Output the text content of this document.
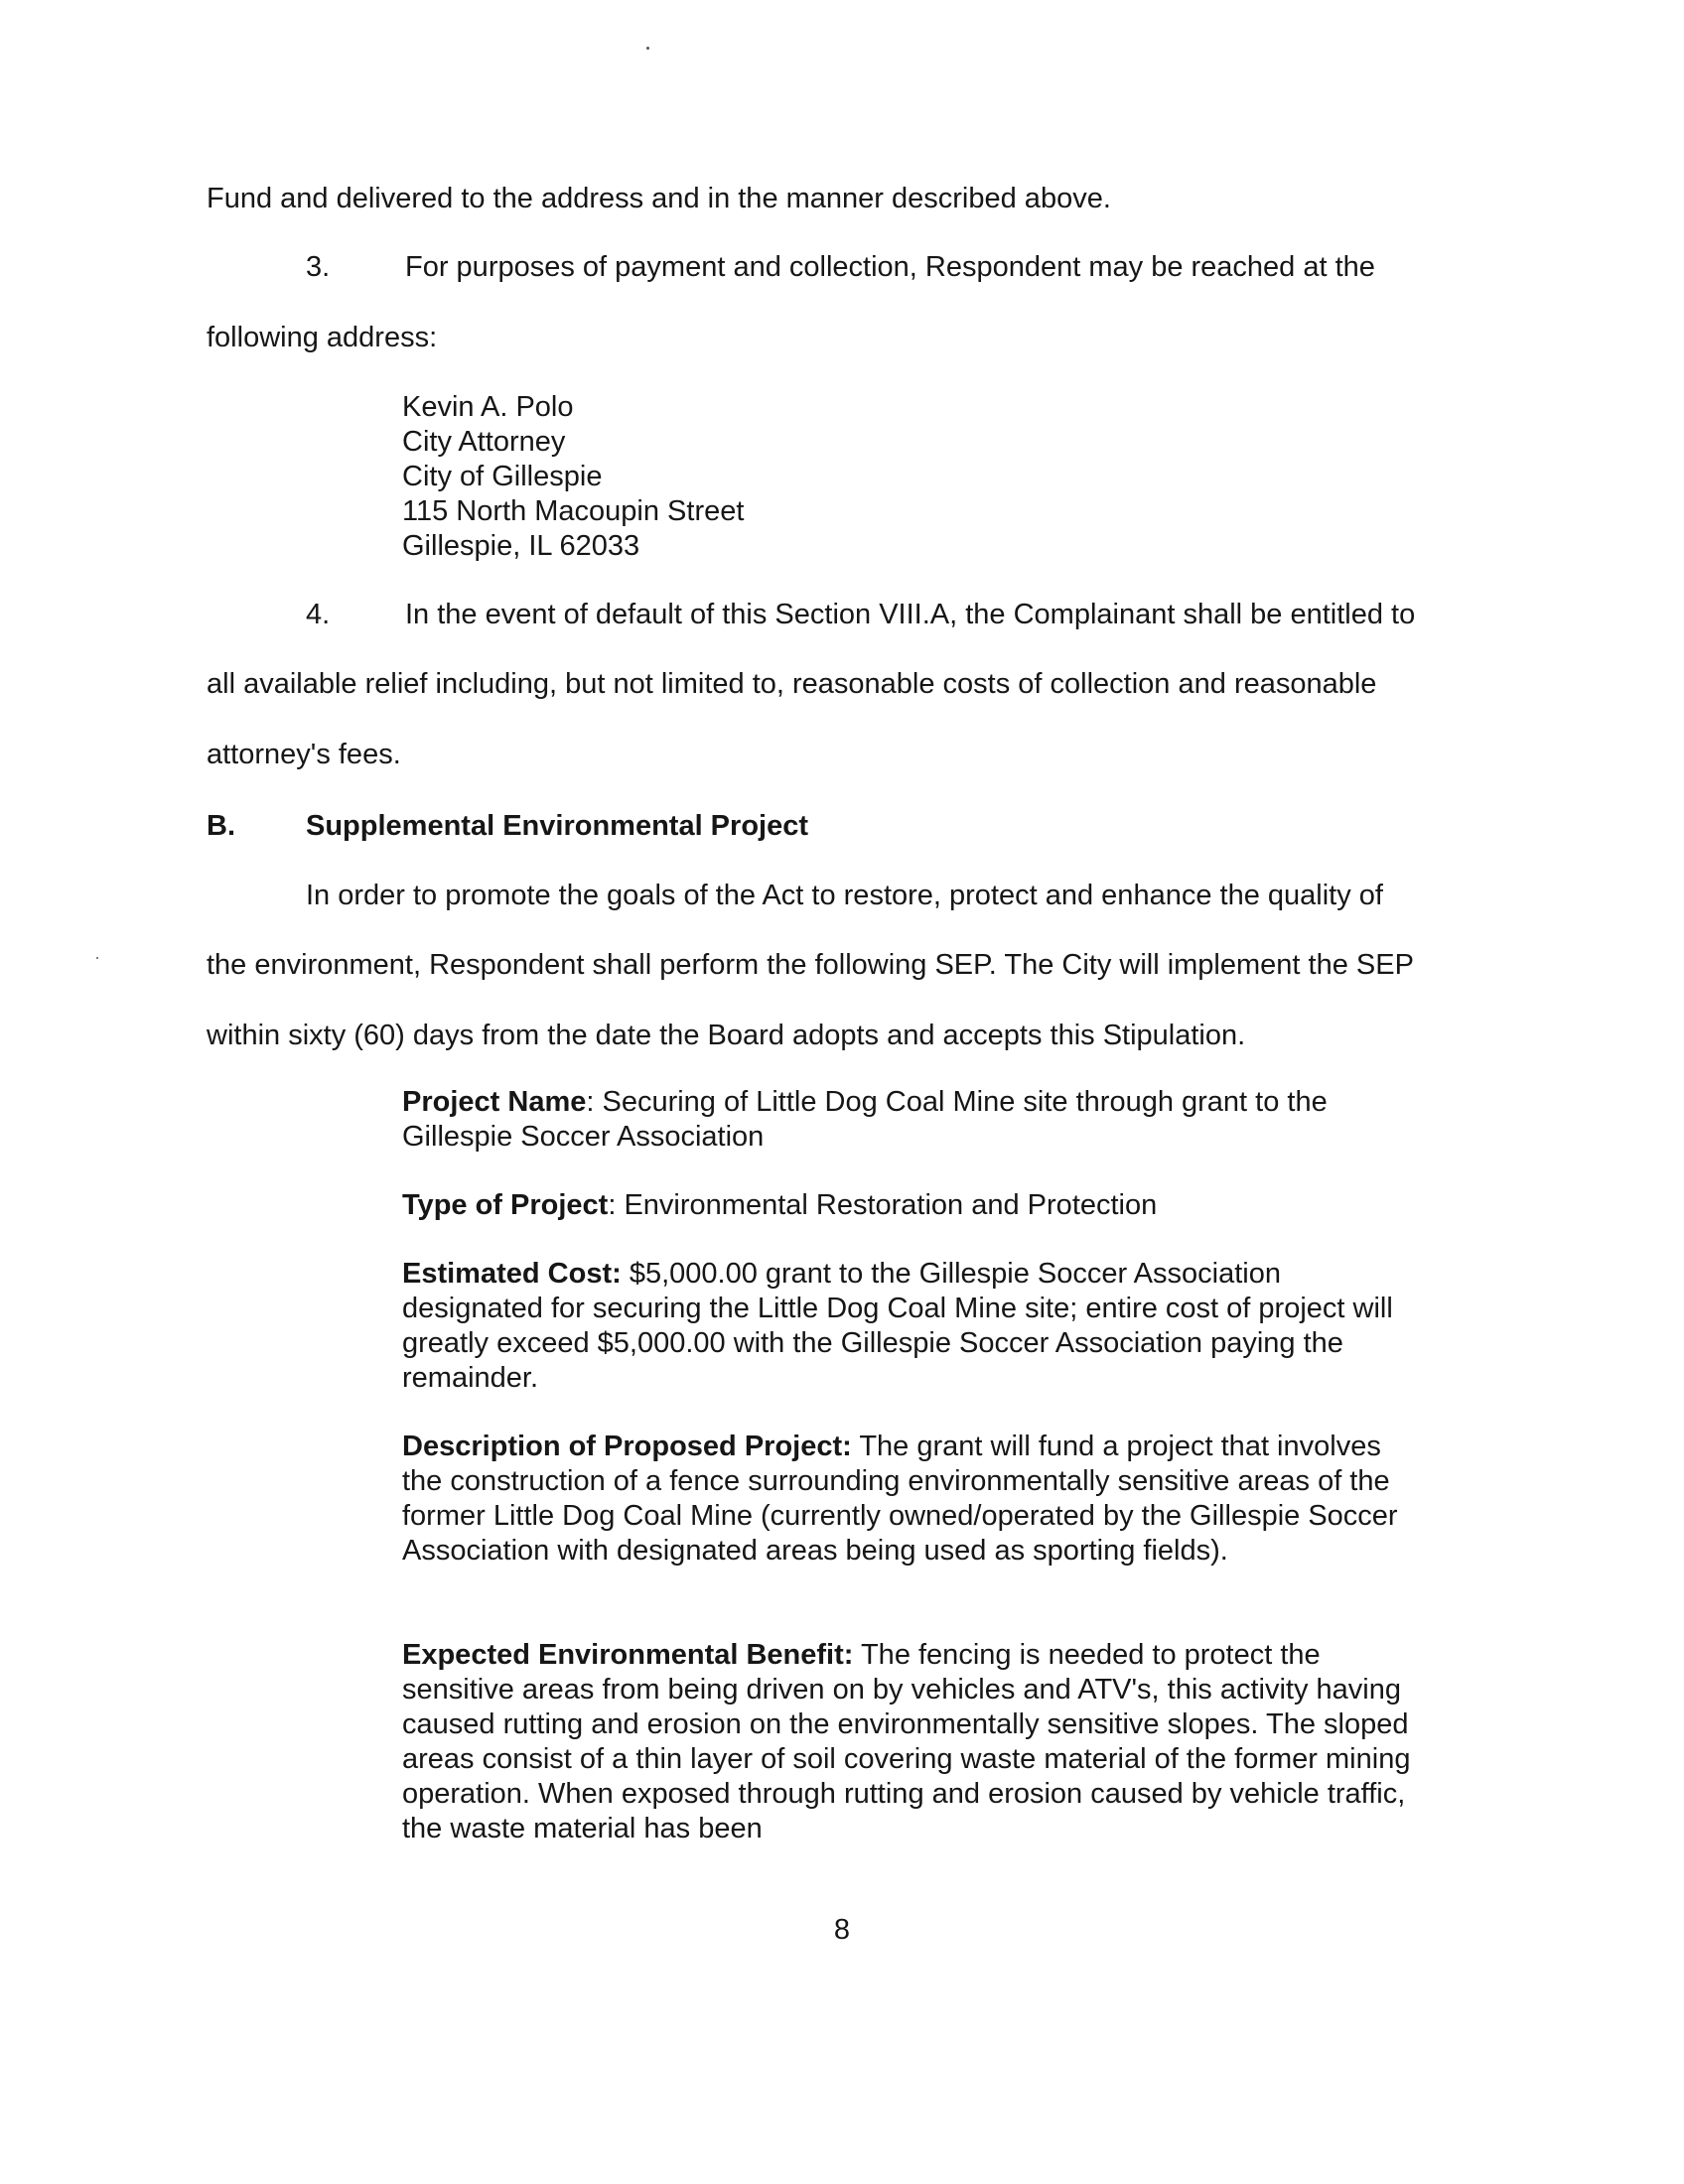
Fund and delivered to the address and in the manner described above.

3.	For purposes of payment and collection, Respondent may be reached at the

following address:

Kevin A. Polo
City Attorney
City of Gillespie
115 North Macoupin Street
Gillespie, IL 62033
4.	In the event of default of this Section VIII.A, the Complainant shall be entitled to

all available relief including, but not limited to, reasonable costs of collection and reasonable

attorney's fees.

B. Supplemental Environmental Project

In order to promote the goals of the Act to restore, protect and enhance the quality of

the environment, Respondent shall perform the following SEP. The City will implement the SEP

within sixty (60) days from the date the Board adopts and accepts this Stipulation.

Project Name: Securing of Little Dog Coal Mine site through grant to the Gillespie Soccer Association

Type of Project: Environmental Restoration and Protection

Estimated Cost: $5,000.00 grant to the Gillespie Soccer Association designated for securing the Little Dog Coal Mine site; entire cost of project will greatly exceed $5,000.00 with the Gillespie Soccer Association paying the remainder.

Description of Proposed Project: The grant will fund a project that involves the construction of a fence surrounding environmentally sensitive areas of the former Little Dog Coal Mine (currently owned/operated by the Gillespie Soccer Association with designated areas being used as sporting fields).

Expected Environmental Benefit: The fencing is needed to protect the sensitive areas from being driven on by vehicles and ATV's, this activity having caused rutting and erosion on the environmentally sensitive slopes. The sloped areas consist of a thin layer of soil covering waste material of the former mining operation. When exposed through rutting and erosion caused by vehicle traffic, the waste material has been

8
